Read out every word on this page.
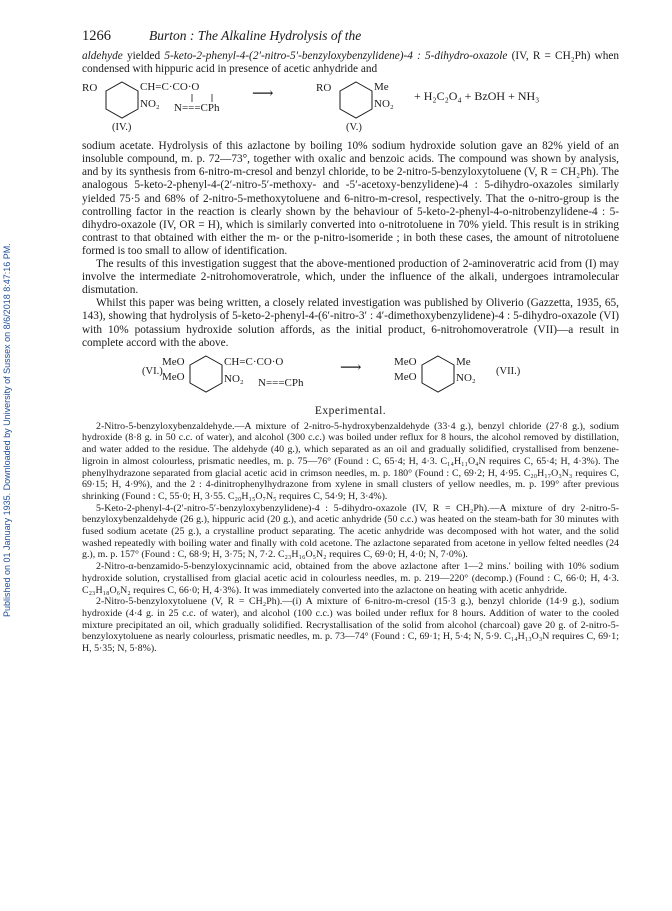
Published on 01 January 1935. Downloaded by University of Sussex on 8/6/2018 8:47:16 PM.
1266	Burton : The Alkaline Hydrolysis of the

aldehyde yielded 5-keto-2-phenyl-4-(2′-nitro-5′-benzyloxybenzylidene)-4 : 5-dihydro-oxazole (IV, R = CH₂Ph) when condensed with hippuric acid in presence of acetic anhydride and

RO	CH=C·CO·O
NO₂ N===CPh
⟶	RO	Me
NO₂
+ H₂C₂O₄ + BzOH + NH₃
(IV.)	(V.)

sodium acetate. Hydrolysis of this azlactone by boiling 10% sodium hydroxide solution gave an 82% yield of an insoluble compound, m. p. 72—73°, together with oxalic and benzoic acids. The compound was shown by analysis, and by its synthesis from 6-nitro-m-cresol and benzyl chloride, to be 2-nitro-5-benzyloxytoluene (V, R = CH₂Ph). The analogous 5-keto-2-phenyl-4-(2′-nitro-5′-methoxy- and -5′-acetoxy-benzylidene)-4 : 5-dihydro-oxazoles similarly yielded 75·5 and 68% of 2-nitro-5-methoxytoluene and 6-nitro-m-cresol, respectively. That the o-nitro-group is the controlling factor in the reaction is clearly shown by the behaviour of 5-keto-2-phenyl-4-o-nitrobenzylidene-4 : 5-dihydro-oxazole (IV, OR = H), which is similarly converted into o-nitrotoluene in 70% yield. This result is in striking contrast to that obtained with either the m- or the p-nitro-isomeride ; in both these cases, the amount of nitrotoluene formed is too small to allow of identification.

The results of this investigation suggest that the above-mentioned production of 2-aminoveratric acid from (I) may involve the intermediate 2-nitrohomoveratrole, which, under the influence of the alkali, undergoes intramolecular dismutation.

Whilst this paper was being written, a closely related investigation was published by Oliverio (Gazzetta, 1935, 65, 143), showing that hydrolysis of 5-keto-2-phenyl-4-(6′-nitro-3′ : 4′-dimethoxybenzylidene)-4 : 5-dihydro-oxazole (VI) with 10% potassium hydroxide solution affords, as the initial product, 6-nitrohomoveratrole (VII)—a result in complete accord with the above.

(VI.)
MeO
MeO
CH=C·CO·O
NO₂ N===CPh
⟶	MeO
MeO
Me
NO₂
(VII.)
Experimental.

2-Nitro-5-benzyloxybenzaldehyde.—A mixture of 2-nitro-5-hydroxybenzaldehyde (33·4 g.), benzyl chloride (27·8 g.), sodium hydroxide (8·8 g. in 50 c.c. of water), and alcohol (300 c.c.) was boiled under reflux for 8 hours, the alcohol removed by distillation, and water added to the residue. The aldehyde (40 g.), which separated as an oil and gradually solidified, crystallised from benzene-ligroin in almost colourless, prismatic needles, m. p. 75—76° (Found : C, 65·4; H, 4·3. C₁₄H₁₁O₄N requires C, 65·4; H, 4·3%). The phenylhydrazone separated from glacial acetic acid in crimson needles, m. p. 180° (Found : C, 69·2; H, 4·95. C₂₀H₁₇O₃N₃ requires C, 69·15; H, 4·9%), and the 2 : 4-dinitrophenylhydrazone from xylene in small clusters of yellow needles, m. p. 199° after previous shrinking (Found : C, 55·0; H, 3·55. C₂₀H₁₅O₇N₅ requires C, 54·9; H, 3·4%).

5-Keto-2-phenyl-4-(2′-nitro-5′-benzyloxybenzylidene)-4 : 5-dihydro-oxazole (IV, R = CH₂Ph).—A mixture of dry 2-nitro-5-benzyloxybenzaldehyde (26 g.), hippuric acid (20 g.), and acetic anhydride (50 c.c.) was heated on the steam-bath for 30 minutes with fused sodium acetate (25 g.), a crystalline product separating. The acetic anhydride was decomposed with hot water, and the solid washed repeatedly with boiling water and finally with cold acetone. The azlactone separated from acetone in yellow felted needles (24 g.), m. p. 157° (Found : C, 68·9; H, 3·75; N, 7·2. C₂₃H₁₆O₅N₂ requires C, 69·0; H, 4·0; N, 7·0%).

2-Nitro-α-benzamido-5-benzyloxycinnamic acid, obtained from the above azlactone after 1—2 mins.' boiling with 10% sodium hydroxide solution, crystallised from glacial acetic acid in colourless needles, m. p. 219—220° (decomp.) (Found : C, 66·0; H, 4·3. C₂₃H₁₈O₆N₂ requires C, 66·0; H, 4·3%). It was immediately converted into the azlactone on heating with acetic anhydride.

2-Nitro-5-benzyloxytoluene (V, R = CH₂Ph).—(i) A mixture of 6-nitro-m-cresol (15·3 g.), benzyl chloride (14·9 g.), sodium hydroxide (4·4 g. in 25 c.c. of water), and alcohol (100 c.c.) was boiled under reflux for 8 hours. Addition of water to the cooled mixture precipitated an oil, which gradually solidified. Recrystallisation of the solid from alcohol (charcoal) gave 20 g. of 2-nitro-5-benzyloxytoluene as nearly colourless, prismatic needles, m. p. 73—74° (Found : C, 69·1; H, 5·4; N, 5·9. C₁₄H₁₃O₃N requires C, 69·1; H, 5·35; N, 5·8%).
